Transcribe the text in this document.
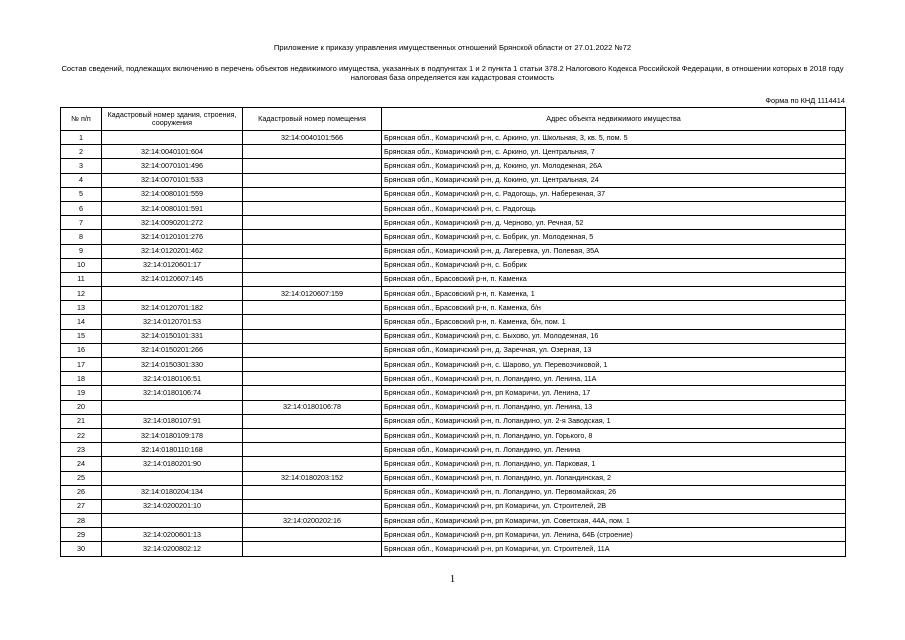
Приложение к приказу управления имущественных отношений Брянской области от 27.01.2022 №72
Состав сведений, подлежащих включению в перечень объектов недвижимого имущества, указанных в подпунктах 1 и 2 пункта 1 статьи 378.2 Налогового Кодекса Российской Федерации, в отношении которых в 2018 году налоговая база определяется как кадастровая стоимость
Форма по КНД 1114414
№ п/п	Кадастровый номер здания, строения, сооружения	Кадастровый номер помещения	Адрес объекта недвижимого имущества
1		32:14:0040101:566	Брянская обл., Комаричский р-н, с. Аркино, ул. Школьная, 3, кв. 5, пом. 5
2	32:14:0040101:604		Брянская обл., Комаричский р-н, с. Аркино, ул. Центральная, 7
3	32:14:0070101:496		Брянская обл., Комаричский р-н, д. Кокино, ул. Молодежная, 26А
4	32:14:0070101:533		Брянская обл., Комаричский р-н, д. Кокино, ул. Центральная, 24
5	32:14:0080101:559		Брянская обл., Комаричский р-н, с. Радогощь, ул. Набережная, 37
6	32:14:0080101:591		Брянская обл., Комаричский р-н, с. Радогощь
7	32:14:0090201:272		Брянская обл., Комаричский р-н, д. Черново, ул. Речная, 52
8	32:14:0120101:276		Брянская обл., Комаричский р-н, с. Бобрик, ул. Молодежная, 5
9	32:14:0120201:462		Брянская обл., Комаричский р-н, д. Лагеревка, ул. Полевая, 35А
10	32:14:0120601:17		Брянская обл., Комаричский р-н, с. Бобрик
11	32:14:0120607:145		Брянская обл., Брасовский р-н, п. Каменка
12		32:14:0120607:159	Брянская обл., Брасовский р-н, п. Каменка, 1
13	32:14:0120701:182		Брянская обл., Брасовский р-н, п. Каменка, б/н
14	32:14:0120701:53		Брянская обл., Брасовский р-н, п. Каменка, б/н, пом. 1
15	32:14:0150101:331		Брянская обл., Комаричский р-н, с. Быхово, ул. Молодежная, 16
16	32:14:0150201:266		Брянская обл., Комаричский р-н, д. Заречная, ул. Озерная, 13
17	32:14:0150301:330		Брянская обл., Комаричский р-н, с. Шарово, ул. Перевозчиковой, 1
18	32:14:0180106:51		Брянская обл., Комаричский р-н, п. Лопандино, ул. Ленина, 11А
19	32:14:0180106:74		Брянская обл., Комаричский р-н, рп Комаричи, ул. Ленина, 17
20		32:14:0180106:78	Брянская обл., Комаричский р-н, п. Лопандино, ул. Ленина, 13
21	32:14:0180107:91		Брянская обл., Комаричский р-н, п. Лопандино, ул. 2-я Заводская, 1
22	32:14:0180109:178		Брянская обл., Комаричский р-н, п. Лопандино, ул. Горького, 8
23	32:14:0180110:168		Брянская обл., Комаричский р-н, п. Лопандино, ул. Ленина
24	32:14:0180201:90		Брянская обл., Комаричский р-н, п. Лопандино, ул. Парковая, 1
25		32:14:0180203:152	Брянская обл., Комаричский р-н, п. Лопандино, ул. Лопандинская, 2
26	32:14:0180204:134		Брянская обл., Комаричский р-н, п. Лопандино, ул. Первомайская, 26
27	32:14:0200201:10		Брянская обл., Комаричский р-н, рп Комаричи, ул. Строителей, 2В
28		32:14:0200202:16	Брянская обл., Комаричский р-н, рп Комаричи, ул. Советская, 44А, пом. 1
29	32:14:0200601:13		Брянская обл., Комаричский р-н, рп Комаричи, ул. Ленина, 64Б (строение)
30	32:14:0200802:12		Брянская обл., Комаричский р-н, рп Комаричи, ул. Строителей, 11А
1
